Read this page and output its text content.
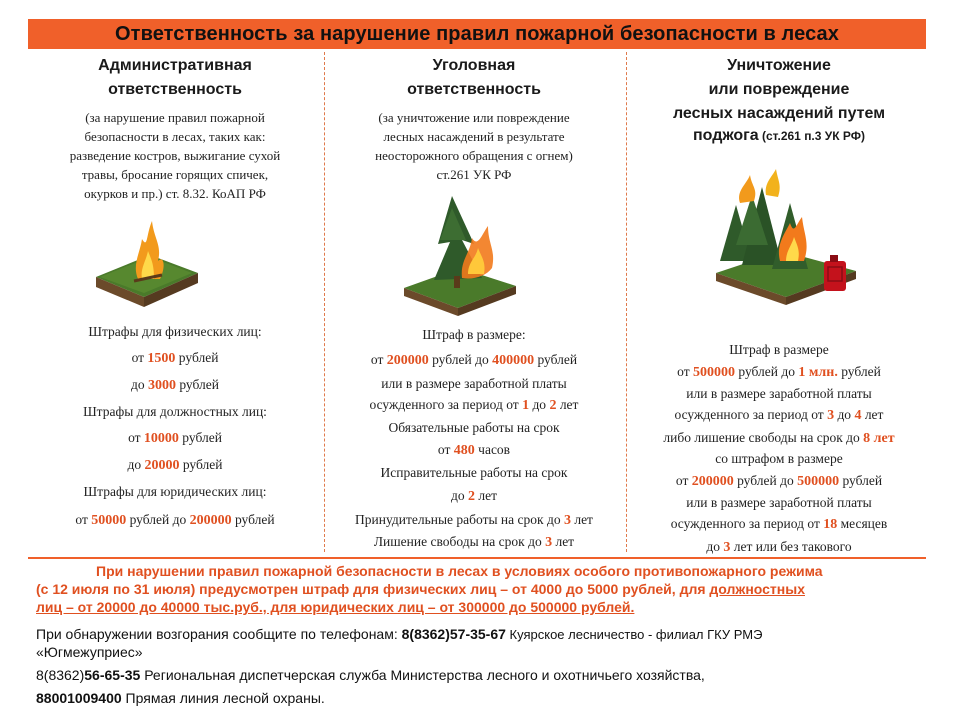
Ответственность за нарушение правил пожарной безопасности в лесах
Административная
ответственность
(за нарушение правил пожарной
безопасности в лесах, таких как:
разведение костров, выжигание сухой
травы, бросание горящих спичек,
окурков и пр.) ст. 8.32. КоАП РФ
Штрафы для физических лиц:
от 1500 рублей
до 3000 рублей
Штрафы для должностных лиц:
от 10000 рублей
до 20000 рублей
Штрафы для юридических лиц:
от 50000 рублей до 200000 рублей
Уголовная
ответственность
(за уничтожение или повреждение
лесных насаждений в результате
неосторожного обращения с огнем)
ст.261 УК РФ
Штраф в размере:
от 200000 рублей до 400000 рублей
или в размере заработной платы
осужденного за период от 1 до 2 лет
Обязательные работы на срок
от 480 часов
Исправительные работы на срок
до 2 лет
Принудительные работы на срок до 3 лет
Лишение свободы на срок до 3 лет
Уничтожение
или повреждение
лесных насаждений путем
поджога (ст.261 п.3 УК РФ)
Штраф в размере
от 500000 рублей до 1 млн. рублей
или в размере заработной платы
осужденного за период от 3 до 4 лет
либо лишение свободы на срок до 8 лет
со штрафом в размере
от 200000 рублей до 500000 рублей
или в размере заработной платы
осужденного за период от 18 месяцев
до 3 лет или без такового
При нарушении правил пожарной безопасности в лесах в условиях особого противопожарного режима
(с 12 июля по 31 июля) предусмотрен штраф для физических лиц – от 4000 до 5000 рублей, для должностных
лиц – от 20000 до 40000 тыс.руб., для юридических лиц – от 300000 до 500000 рублей.
При обнаружении возгорания сообщите по телефонам: 8(8362)57-35-67 Куярское лесничество - филиал ГКУ РМЭ
«Югмежуприес»
8(8362)56-65-35 Региональная диспетчерская служба Министерства лесного и охотничьего хозяйства,
88001009400 Прямая линия лесной охраны.
